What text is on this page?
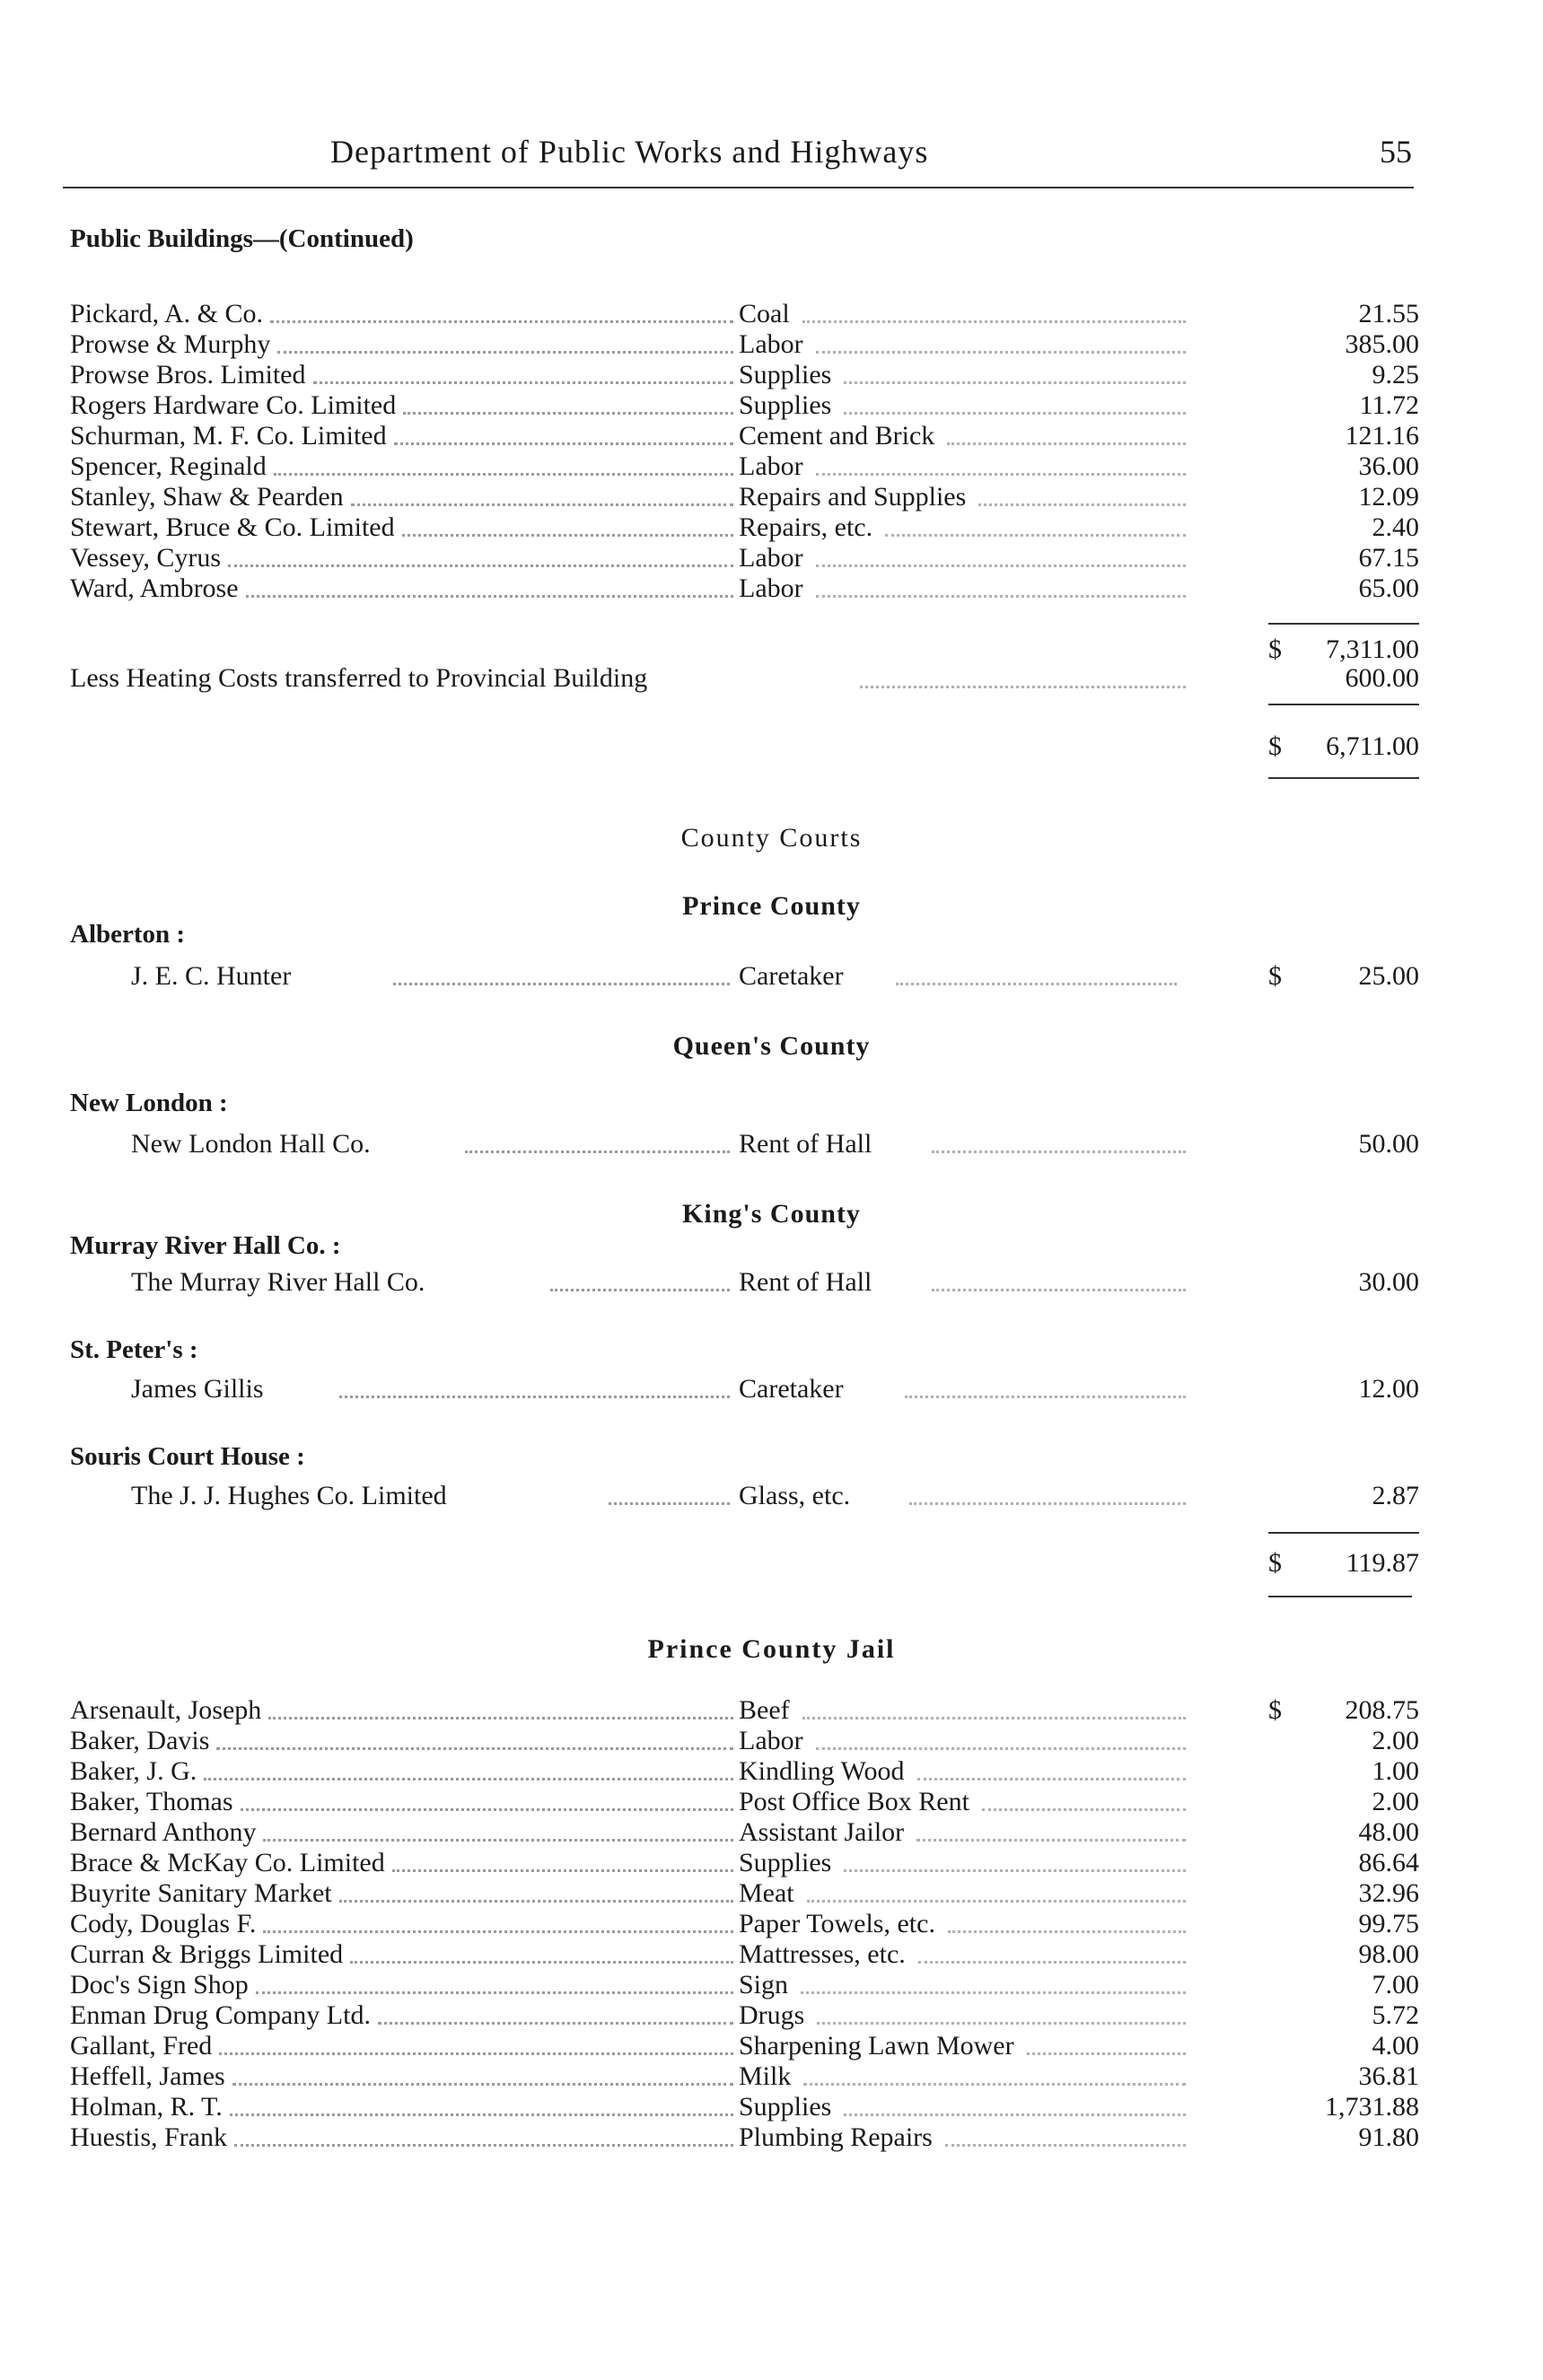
Department of Public Works and Highways	55
Public Buildings—(Continued)
Pickard, A. & Co.	Coal	21.55
Prowse & Murphy	Labor	385.00
Prowse Bros. Limited	Supplies	9.25
Rogers Hardware Co. Limited	Supplies	11.72
Schurman, M. F. Co. Limited	Cement and Brick	121.16
Spencer, Reginald	Labor	36.00
Stanley, Shaw & Pearden	Repairs and Supplies	12.09
Stewart, Bruce & Co. Limited	Repairs, etc.	2.40
Vessey, Cyrus	Labor	67.15
Ward, Ambrose	Labor	65.00
$ 7,311.00
Less Heating Costs transferred to Provincial Building	600.00
$ 6,711.00
County Courts
Prince County
Alberton :
J. E. C. Hunter	Caretaker	$	25.00
Queen's County
New London :
New London Hall Co.	Rent of Hall	50.00
King's County
Murray River Hall Co. :
The Murray River Hall Co.	Rent of Hall	30.00
St. Peter's :
James Gillis	Caretaker	12.00
Souris Court House :
The J. J. Hughes Co. Limited	Glass, etc.	2.87
$ 119.87
Prince County Jail
Arsenault, Joseph	Beef	$ 208.75
Baker, Davis	Labor	2.00
Baker, J. G.	Kindling Wood	1.00
Baker, Thomas	Post Office Box Rent	2.00
Bernard Anthony	Assistant Jailor	48.00
Brace & McKay Co. Limited	Supplies	86.64
Buyrite Sanitary Market	Meat	32.96
Cody, Douglas F.	Paper Towels, etc.	99.75
Curran & Briggs Limited	Mattresses, etc.	98.00
Doc's Sign Shop	Sign	7.00
Enman Drug Company Ltd.	Drugs	5.72
Gallant, Fred	Sharpening Lawn Mower	4.00
Heffell, James	Milk	36.81
Holman, R. T.	Supplies	1,731.88
Huestis, Frank	Plumbing Repairs	91.80
